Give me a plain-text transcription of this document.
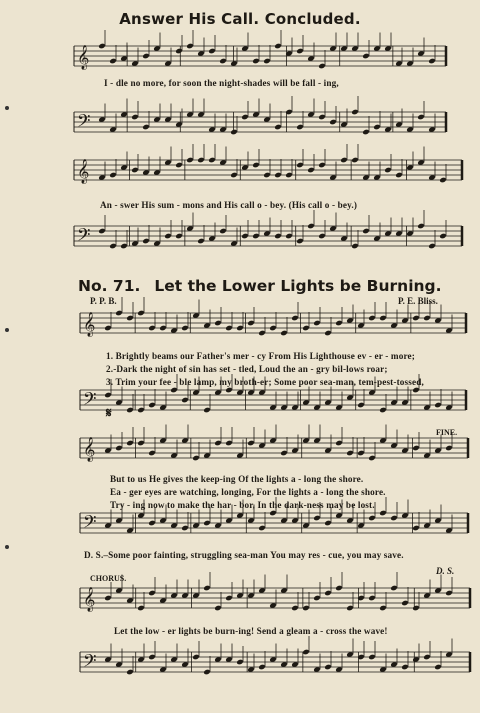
Answer His Call. Concluded.
𝄞
𝄢
𝄞
𝄢
𝄞
𝄢
𝄞
𝄢
𝄞
𝄢
I - dle no more, for soon the night-shades will be fall - ing,
An - swer His sum - mons and His call o - bey. (His call o - bey.)
No. 71. Let the Lower Lights be Burning.
P. P. B.	P. E. Bliss.
1. Brightly beams our Father's mer - cy From His Lighthouse ev - er - more;
2.-Dark the night of sin has set - tled, Loud the an - gry bil-lows roar;
3. Trim your fee - ble lamp, my broth-er; Some poor sea-man, tem-pest-tossed,
𝄋
FINE.
But to us He gives the keep-ing Of the lights a - long the shore.
Ea - ger eyes are watching, longing, For the lights a - long the shore.
Try - ing now to make the har - bor, In the dark-ness may be lost.
D. S.–Some poor fainting, struggling sea-man You may res - cue, you may save.
D. S.
CHORUS.
Let the low - er lights be burn-ing! Send a gleam a - cross the wave!
